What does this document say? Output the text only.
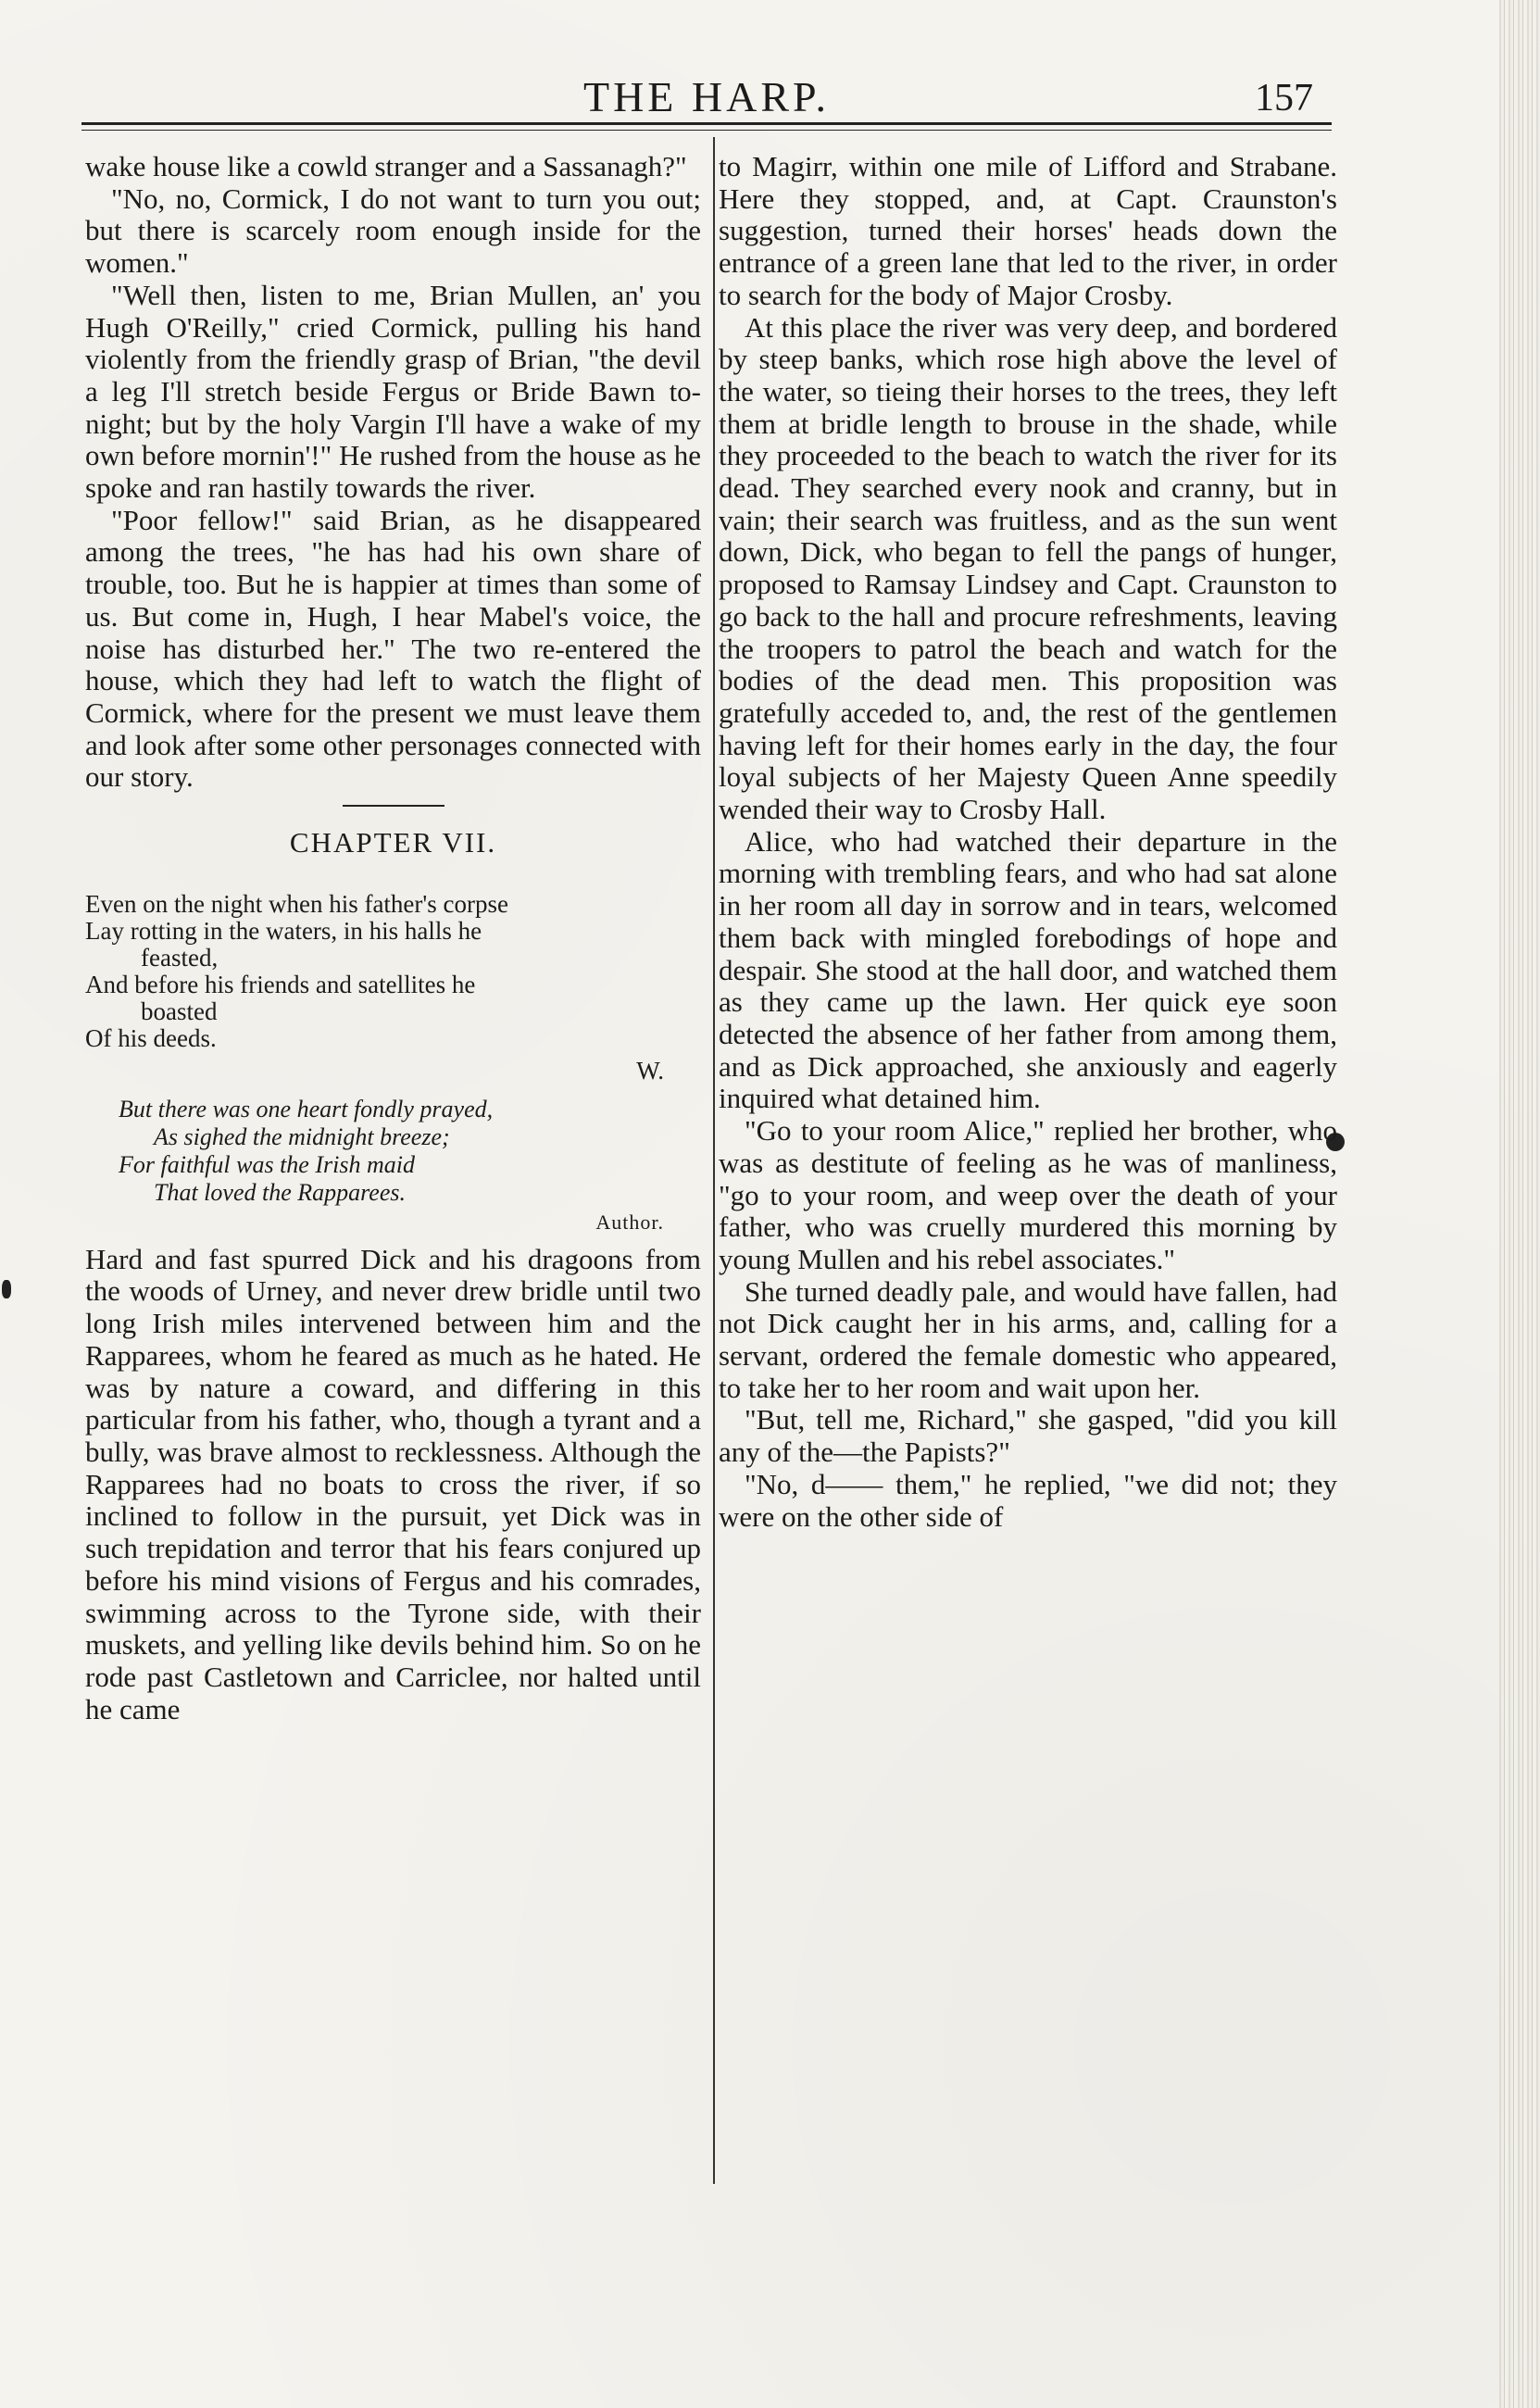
THE HARP.	157

wake house like a cowld stranger and a Sassanagh?"

"No, no, Cormick, I do not want to turn you out; but there is scarcely room enough inside for the women."

"Well then, listen to me, Brian Mullen, an' you Hugh O'Reilly," cried Cormick, pulling his hand violently from the friendly grasp of Brian, "the devil a leg I'll stretch beside Fergus or Bride Bawn to-night; but by the holy Vargin I'll have a wake of my own before mornin'!" He rushed from the house as he spoke and ran hastily towards the river.

"Poor fellow!" said Brian, as he disappeared among the trees, "he has had his own share of trouble, too. But he is happier at times than some of us. But come in, Hugh, I hear Mabel's voice, the noise has disturbed her." The two re-entered the house, which they had left to watch the flight of Cormick, where for the present we must leave them and look after some other personages connected with our story.

CHAPTER VII.

Even on the night when his father's corpse

Lay rotting in the waters, in his halls he

feasted,

And before his friends and satellites he

boasted

Of his deeds.

W.

But there was one heart fondly prayed,

As sighed the midnight breeze;

For faithful was the Irish maid

That loved the Rapparees.

Author.

Hard and fast spurred Dick and his dragoons from the woods of Urney, and never drew bridle until two long Irish miles intervened between him and the Rapparees, whom he feared as much as he hated. He was by nature a coward, and differing in this particular from his father, who, though a tyrant and a bully, was brave almost to recklessness. Although the Rapparees had no boats to cross the river, if so inclined to follow in the pursuit, yet Dick was in such trepidation and terror that his fears conjured up before his mind visions of Fergus and his comrades, swimming across to the Tyrone side, with their muskets, and yelling like devils behind him. So on he rode past Castletown and Carriclee, nor halted until he came

to Magirr, within one mile of Lifford and Strabane. Here they stopped, and, at Capt. Craunston's suggestion, turned their horses' heads down the entrance of a green lane that led to the river, in order to search for the body of Major Crosby.

At this place the river was very deep, and bordered by steep banks, which rose high above the level of the water, so tieing their horses to the trees, they left them at bridle length to brouse in the shade, while they proceeded to the beach to watch the river for its dead. They searched every nook and cranny, but in vain; their search was fruitless, and as the sun went down, Dick, who began to fell the pangs of hunger, proposed to Ramsay Lindsey and Capt. Craunston to go back to the hall and procure refreshments, leaving the troopers to patrol the beach and watch for the bodies of the dead men. This proposition was gratefully acceded to, and, the rest of the gentlemen having left for their homes early in the day, the four loyal subjects of her Majesty Queen Anne speedily wended their way to Crosby Hall.

Alice, who had watched their departure in the morning with trembling fears, and who had sat alone in her room all day in sorrow and in tears, welcomed them back with mingled forebodings of hope and despair. She stood at the hall door, and watched them as they came up the lawn. Her quick eye soon detected the absence of her father from among them, and as Dick approached, she anxiously and eagerly inquired what detained him.

"Go to your room Alice," replied her brother, who was as destitute of feeling as he was of manliness, "go to your room, and weep over the death of your father, who was cruelly murdered this morning by young Mullen and his rebel associates."

She turned deadly pale, and would have fallen, had not Dick caught her in his arms, and, calling for a servant, ordered the female domestic who appeared, to take her to her room and wait upon her.

"But, tell me, Richard," she gasped, "did you kill any of the—the Papists?"

"No, d—— them," he replied, "we did not; they were on the other side of
